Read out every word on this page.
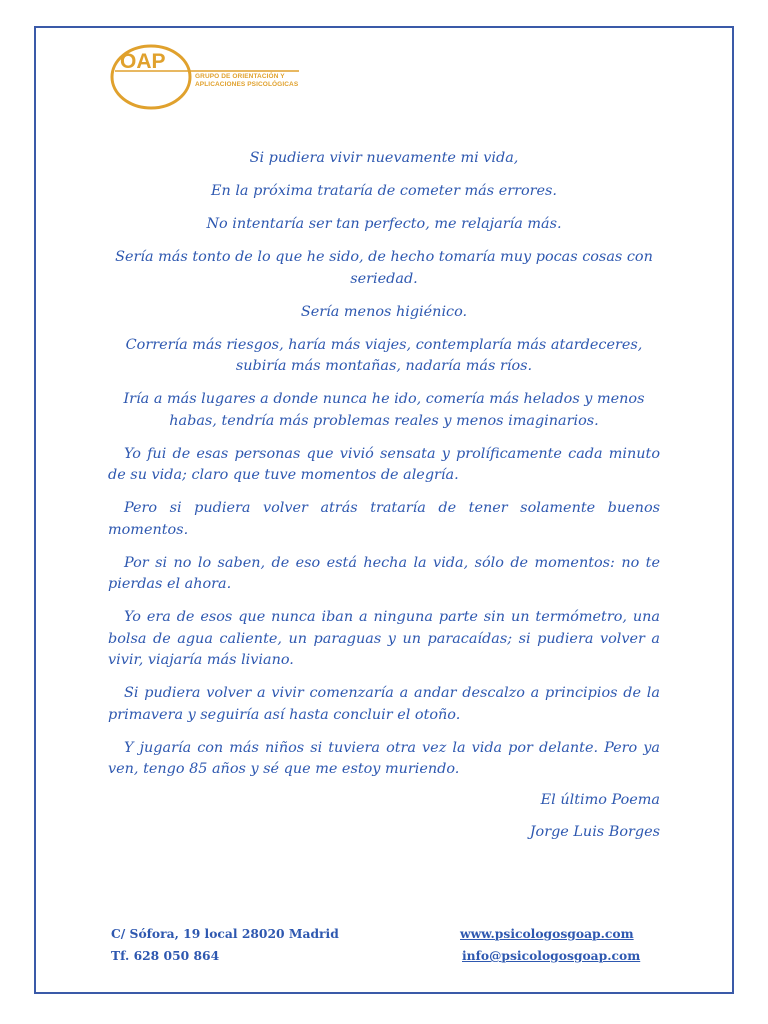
OAP
GRUPO DE ORIENTACIÓN Y
APLICACIONES PSICOLÓGICAS

Si pudiera vivir nuevamente mi vida,

En la próxima trataría de cometer más errores.

No intentaría ser tan perfecto, me relajaría más.

Sería más tonto de lo que he sido, de hecho tomaría muy pocas cosas con seriedad.

Sería menos higiénico.

Correría más riesgos, haría más viajes, contemplaría más atardeceres, subiría más montañas, nadaría más ríos.

Iría a más lugares a donde nunca he ido, comería más helados y menos habas, tendría más problemas reales y menos imaginarios.

Yo fui de esas personas que vivió sensata y prolíficamente cada minuto de su vida; claro que tuve momentos de alegría.

Pero si pudiera volver atrás trataría de tener solamente buenos momentos.

Por si no lo saben, de eso está hecha la vida, sólo de momentos: no te pierdas el ahora.

Yo era de esos que nunca iban a ninguna parte sin un termómetro, una bolsa de agua caliente, un paraguas y un paracaídas; si pudiera volver a vivir, viajaría más liviano.

Si pudiera volver a vivir comenzaría a andar descalzo a principios de la primavera y seguiría así hasta concluir el otoño.

Y jugaría con más niños si tuviera otra vez la vida por delante. Pero ya ven, tengo 85 años y sé que me estoy muriendo.

El último Poema
Jorge Luis Borges
C/ Sófora, 19 local 28020 Madrid
Tf. 628 050 864
www.psicologosgoap.com
info@psicologosgoap.com
